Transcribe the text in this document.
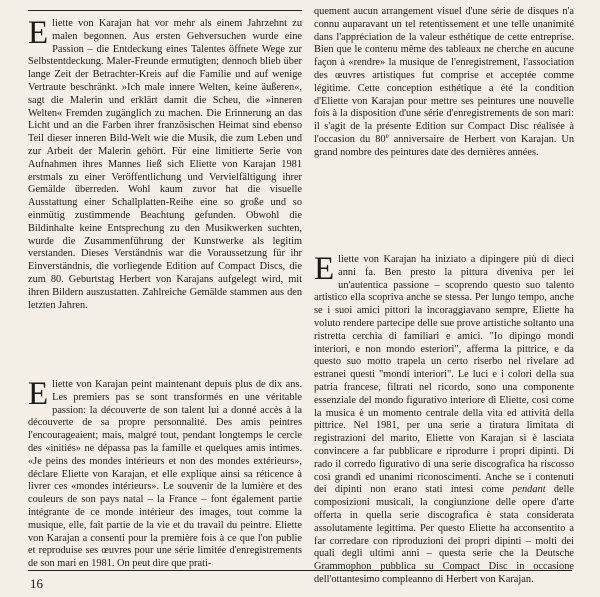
Eliette von Karajan hat vor mehr als einem Jahrzehnt zu malen begonnen. Aus ersten Gehversuchen wurde eine Passion – die Entdeckung eines Talentes öffnete Wege zur Selbstentdeckung. Maler-Freunde ermutigten; dennoch blieb über lange Zeit der Betrachter-Kreis auf die Familie und auf wenige Vertraute beschränkt. »Ich male innere Welten, keine äußeren«, sagt die Malerin und erklärt damit die Scheu, die »inneren Welten« Fremden zugänglich zu machen. Die Erinnerung an das Licht und an die Farben ihrer französischen Heimat sind ebenso Teil dieser inneren Bild-Welt wie die Musik, die zum Leben und zur Arbeit der Malerin gehört. Für eine limitierte Serie von Aufnahmen ihres Mannes ließ sich Eliette von Karajan 1981 erstmals zu einer Veröffentlichung und Vervielfältigung ihrer Gemälde überreden. Wohl kaum zuvor hat die visuelle Ausstattung einer Schallplatten-Reihe eine so große und so einmütig zustimmende Beachtung gefunden. Obwohl die Bildinhalte keine Entsprechung zu den Musikwerken suchten, wurde die Zusammenführung der Kunstwerke als legitim verstanden. Dieses Verständnis war die Voraussetzung für ihr Einverständnis, die vorliegende Edition auf Compact Discs, die zum 80. Geburtstag Herbert von Karajans aufgelegt wird, mit ihren Bildern auszustatten. Zahlreiche Gemälde stammen aus den letzten Jahren.

Eliette von Karajan peint maintenant depuis plus de dix ans. Les premiers pas se sont transformés en une véritable passion: la découverte de son talent lui a donné accès à la découverte de sa propre personnalité. Des amis peintres l'encourageaient; mais, malgré tout, pendant longtemps le cercle des «initiés» ne dépassa pas la famille et quelques amis intimes. «Je peins des mondes intérieurs et non des mondes extérieurs», déclare Eliette von Karajan, et elle explique ainsi sa réticence à livrer ces «mondes intérieurs». Le souvenir de la lumière et des couleurs de son pays natal – la France – font également partie intégrante de ce monde intérieur des images, tout comme la musique, elle, fait partie de la vie et du travail du peintre. Eliette von Karajan a consenti pour la première fois à ce que l'on publie et reproduise ses œuvres pour une série limitée d'enregistrements de son mari en 1981. On peut dire que prati-

quement aucun arrangement visuel d'une série de disques n'a connu auparavant un tel retentissement et une telle unanimité dans l'appréciation de la valeur esthétique de cette entreprise. Bien que le contenu même des tableaux ne cherche en aucune façon à «rendre» la musique de l'enregistrement, l'association des œuvres artistiques fut comprise et acceptée comme légitime. Cette conception esthétique a été la condition d'Eliette von Karajan pour mettre ses peintures une nouvelle fois à la disposition d'une série d'enregistrements de son mari: il s'agit de la présente Edition sur Compact Disc réalisée à l'occasion du 80e anniversaire de Herbert von Karajan. Un grand nombre des peintures date des dernières années.

Eliette von Karajan ha iniziato a dipingere più di dieci anni fa. Ben presto la pittura diveniva per lei un'autentica passione – scoprendo questo suo talento artistico ella scopriva anche se stessa. Per lungo tempo, anche se i suoi amici pittori la incoraggiavano sempre, Eliette ha voluto rendere partecipe delle sue prove artistiche soltanto una ristretta cerchia di familiari e amici. "Io dipingo mondi interiori, e non mondo esteriori", afferma la pittrice, e da questo suo motto trapela un certo riserbo nel rivelare ad estranei questi "mondi interiori". Le luci e i colori della sua patria francese, filtrati nel ricordo, sono una componente essenziale del mondo figurativo interiore di Eliette, così come la musica è un momento centrale della vita ed attività della pittrice. Nel 1981, per una serie a tiratura limitata di registrazioni del marito, Eliette von Karajan si è lasciata convincere a far pubblicare e riprodurre i propri dipinti. Di rado il corredo figurativo di una serie discografica ha riscosso così grandi ed unanimi riconoscimenti. Anche se i contenuti dei dipinti non erano stati intesi come pendant delle composizioni musicali, la congiunzione delle opere d'arte offerta in quella serie discografica è stata considerata assolutamente legittima. Per questo Eliette ha acconsentito a far corredare con riproduzioni dei propri dipinti – molti dei quali degli ultimi anni – questa serie che la Deutsche Grammophon pubblica su Compact Disc in occasione dell'ottantesimo compleanno di Herbert von Karajan.

16
